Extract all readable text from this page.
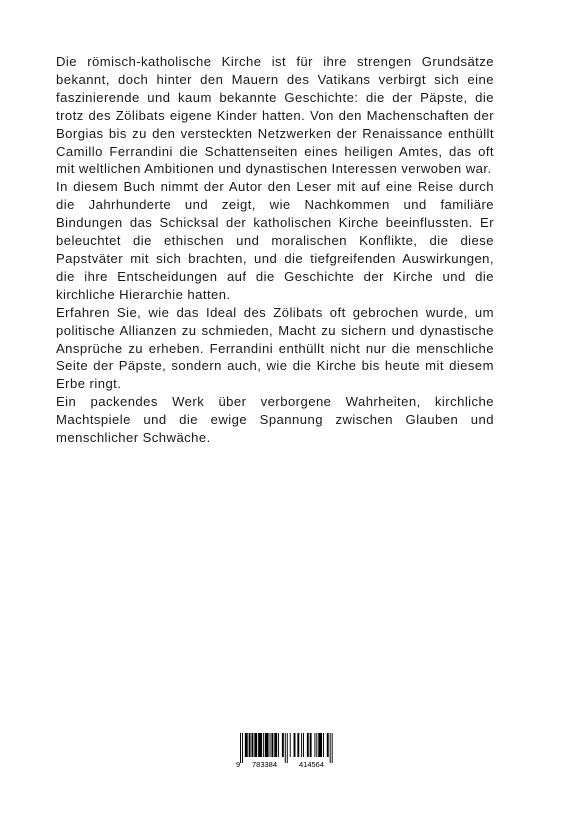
Die römisch-katholische Kirche ist für ihre strengen Grundsätze bekannt, doch hinter den Mauern des Vatikans verbirgt sich eine faszinierende und kaum bekannte Geschichte: die der Päpste, die trotz des Zölibats eigene Kinder hatten. Von den Machenschaften der Borgias bis zu den versteckten Netzwerken der Renaissance enthüllt Camillo Ferrandini die Schattenseiten eines heiligen Amtes, das oft mit weltlichen Ambitionen und dynastischen Interessen verwoben war.

In diesem Buch nimmt der Autor den Leser mit auf eine Reise durch die Jahrhunderte und zeigt, wie Nachkommen und familiäre Bindungen das Schicksal der katholischen Kirche beeinflussten. Er beleuchtet die ethischen und moralischen Konflikte, die diese Papstväter mit sich brachten, und die tiefgreifenden Auswirkungen, die ihre Entscheidungen auf die Geschichte der Kirche und die kirchliche Hierarchie hatten.

Erfahren Sie, wie das Ideal des Zölibats oft gebrochen wurde, um politische Allianzen zu schmieden, Macht zu sichern und dynastische Ansprüche zu erheben. Ferrandini enthüllt nicht nur die menschliche Seite der Päpste, sondern auch, wie die Kirche bis heute mit diesem Erbe ringt.

Ein packendes Werk über verborgene Wahrheiten, kirchliche Machtspiele und die ewige Spannung zwischen Glauben und menschlicher Schwäche.

9 783384	414564
